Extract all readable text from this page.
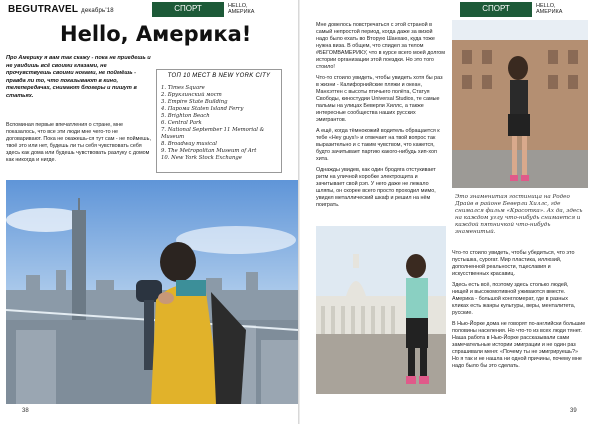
BEGUTRAVEL декабрь'18	СПОРТ	HELLO,
АМЕРИКА
Hello, Америка!

Про Америку я вам так скажу - пока не приедешь и не увидишь всё своими глазами, не прочувствуешь своими ногами, не поймёшь - правда ли то, что показывают в кино, телепередачах, снимают блогеры и пишут в статьях.

Вспоминая первые впечатления о стране, мне показалось, что все эти люди мне чего-то не договаривают. Пока не окажешь-ся тут сам - не поймешь, твоё это или нет, будешь ли ты себя чувствовать себя здесь как дома или будешь чувствовать разлуку с домом как никогда и нигде.

ТОП 10 МЕСТ В NEW YORK CITY
1. Times Square
2. Бруклинский мост
3. Empire State Building
4. Парома Staten Island Ferry
5. Brighton Beach
6. Central Park
7. National September 11 Memorial & Museum
8. Broadway musical
9. The Metropolitan Museum of Art
10. New York Stock Exchange
38

Мне довелось повстречаться с этой страной в самый непростой период, когда даже за визой надо было ехать во Вторую Шанхаю, куда тоже нужна виза. В общем, что спидел за телом #БЕГОМВАМЕРИКУ, что в курсе всего моей долгом истории организации этой поездки. Но это того стоило!

Что-то стоило увидеть, чтобы увидеть хотя бы раз в жизни - Калифорнийские пляжи и океан, Манхэттен с высоты птичьего полёта, Статуя Свободы, киностудии Universal Studios, те самые пальмы на улицах Беверли Хиллс, а также интересные сообщества наших русских эмигрантов.

А ещё, когда тёмнокожий водитель обращается к тебе «Hey guys!» и отвечает на твой вопрос так выразительно и с таким чувством, что кажется, будто зачитывает партию какого-нибудь хип-хоп хита.

Однажды увидев, как один бродяга отстукивает ритм на уличной коробке электрощита и зачитывает свой рэп. У него даже не лежало шляпы, он скорее всего просто проходил мимо, увидел металлический шкаф и решил на нём поиграть.

СПОРТ	HELLO,
АМЕРИКА

Это знаменитая гостиница на Родео Драйв в районе Беверли Хиллс, где снимался фильм «Красотка». Ах да, здесь на каждом углу что-нибудь снимается и каждой пятничкой что-нибудь знаменитый.

Что-то стоило увидеть, чтобы убедиться, что это пустышка, сурогат. Мир пластика, иллюзий, дополненной реальности, тщеславия и искусственных красавиц.

Здесь есть всё, поэтому здесь столько людей, нищей и высокомотивной уживаются вместе. Америка - большой конгломерат, где в разных кликах есть жанры культуры, веры, менталитета, русские.

В Нью-Йорке дома не говорят по-английски большие половины населения. Но что-то из всех люди тянет. Наша работа в Нью-Йорке рассказывали сами замечательные истории эмиграции и не один раз спрашивали меня: «Почему ты не эмигрируешь?» Но я так и не нашла ни одной причины, почему мне надо было бы это сделать.

39
